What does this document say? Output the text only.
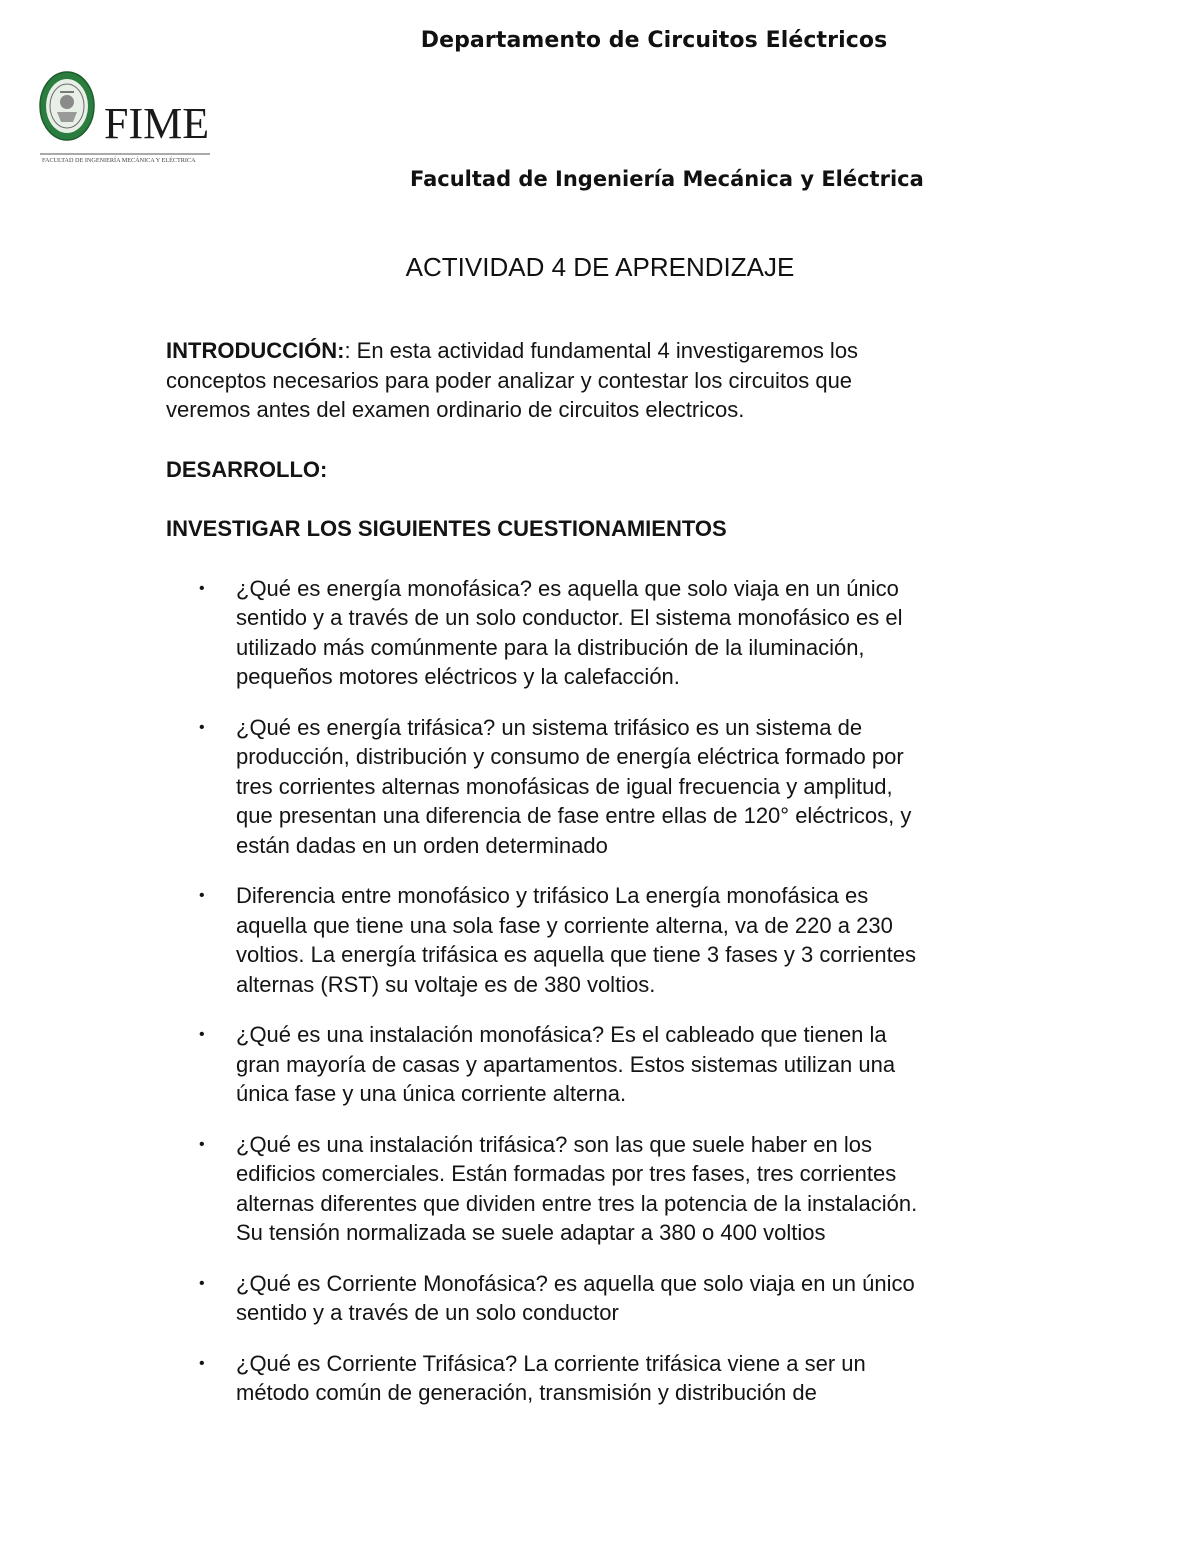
Departamento de Circuitos Eléctricos
FIME
FACULTAD DE INGENIERÍA MECÁNICA Y ELÉCTRICA
Facultad de Ingeniería Mecánica y Eléctrica
ACTIVIDAD 4 DE APRENDIZAJE

INTRODUCCIÓN:: En esta actividad fundamental 4 investigaremos los conceptos necesarios para poder analizar y contestar los circuitos que veremos antes del examen ordinario de circuitos electricos.

DESARROLLO:

INVESTIGAR LOS SIGUIENTES CUESTIONAMIENTOS

• ¿Qué es energía monofásica? es aquella que solo viaja en un único sentido y a través de un solo conductor. El sistema monofásico es el utilizado más comúnmente para la distribución de la iluminación, pequeños motores eléctricos y la calefacción.
• ¿Qué es energía trifásica? un sistema trifásico es un sistema de producción, distribución y consumo de energía eléctrica formado por tres corrientes alternas monofásicas de igual frecuencia y amplitud, que presentan una diferencia de fase entre ellas de 120° eléctricos, y están dadas en un orden determinado
• Diferencia entre monofásico y trifásico La energía monofásica es aquella que tiene una sola fase y corriente alterna, va de 220 a 230 voltios. La energía trifásica es aquella que tiene 3 fases y 3 corrientes alternas (RST) su voltaje es de 380 voltios.
• ¿Qué es una instalación monofásica? Es el cableado que tienen la gran mayoría de casas y apartamentos. Estos sistemas utilizan una única fase y una única corriente alterna.
• ¿Qué es una instalación trifásica? son las que suele haber en los edificios comerciales. Están formadas por tres fases, tres corrientes alternas diferentes que dividen entre tres la potencia de la instalación. Su tensión normalizada se suele adaptar a 380 o 400 voltios
• ¿Qué es Corriente Monofásica? es aquella que solo viaja en un único sentido y a través de un solo conductor
• ¿Qué es Corriente Trifásica? La corriente trifásica viene a ser un método común de generación, transmisión y distribución de
